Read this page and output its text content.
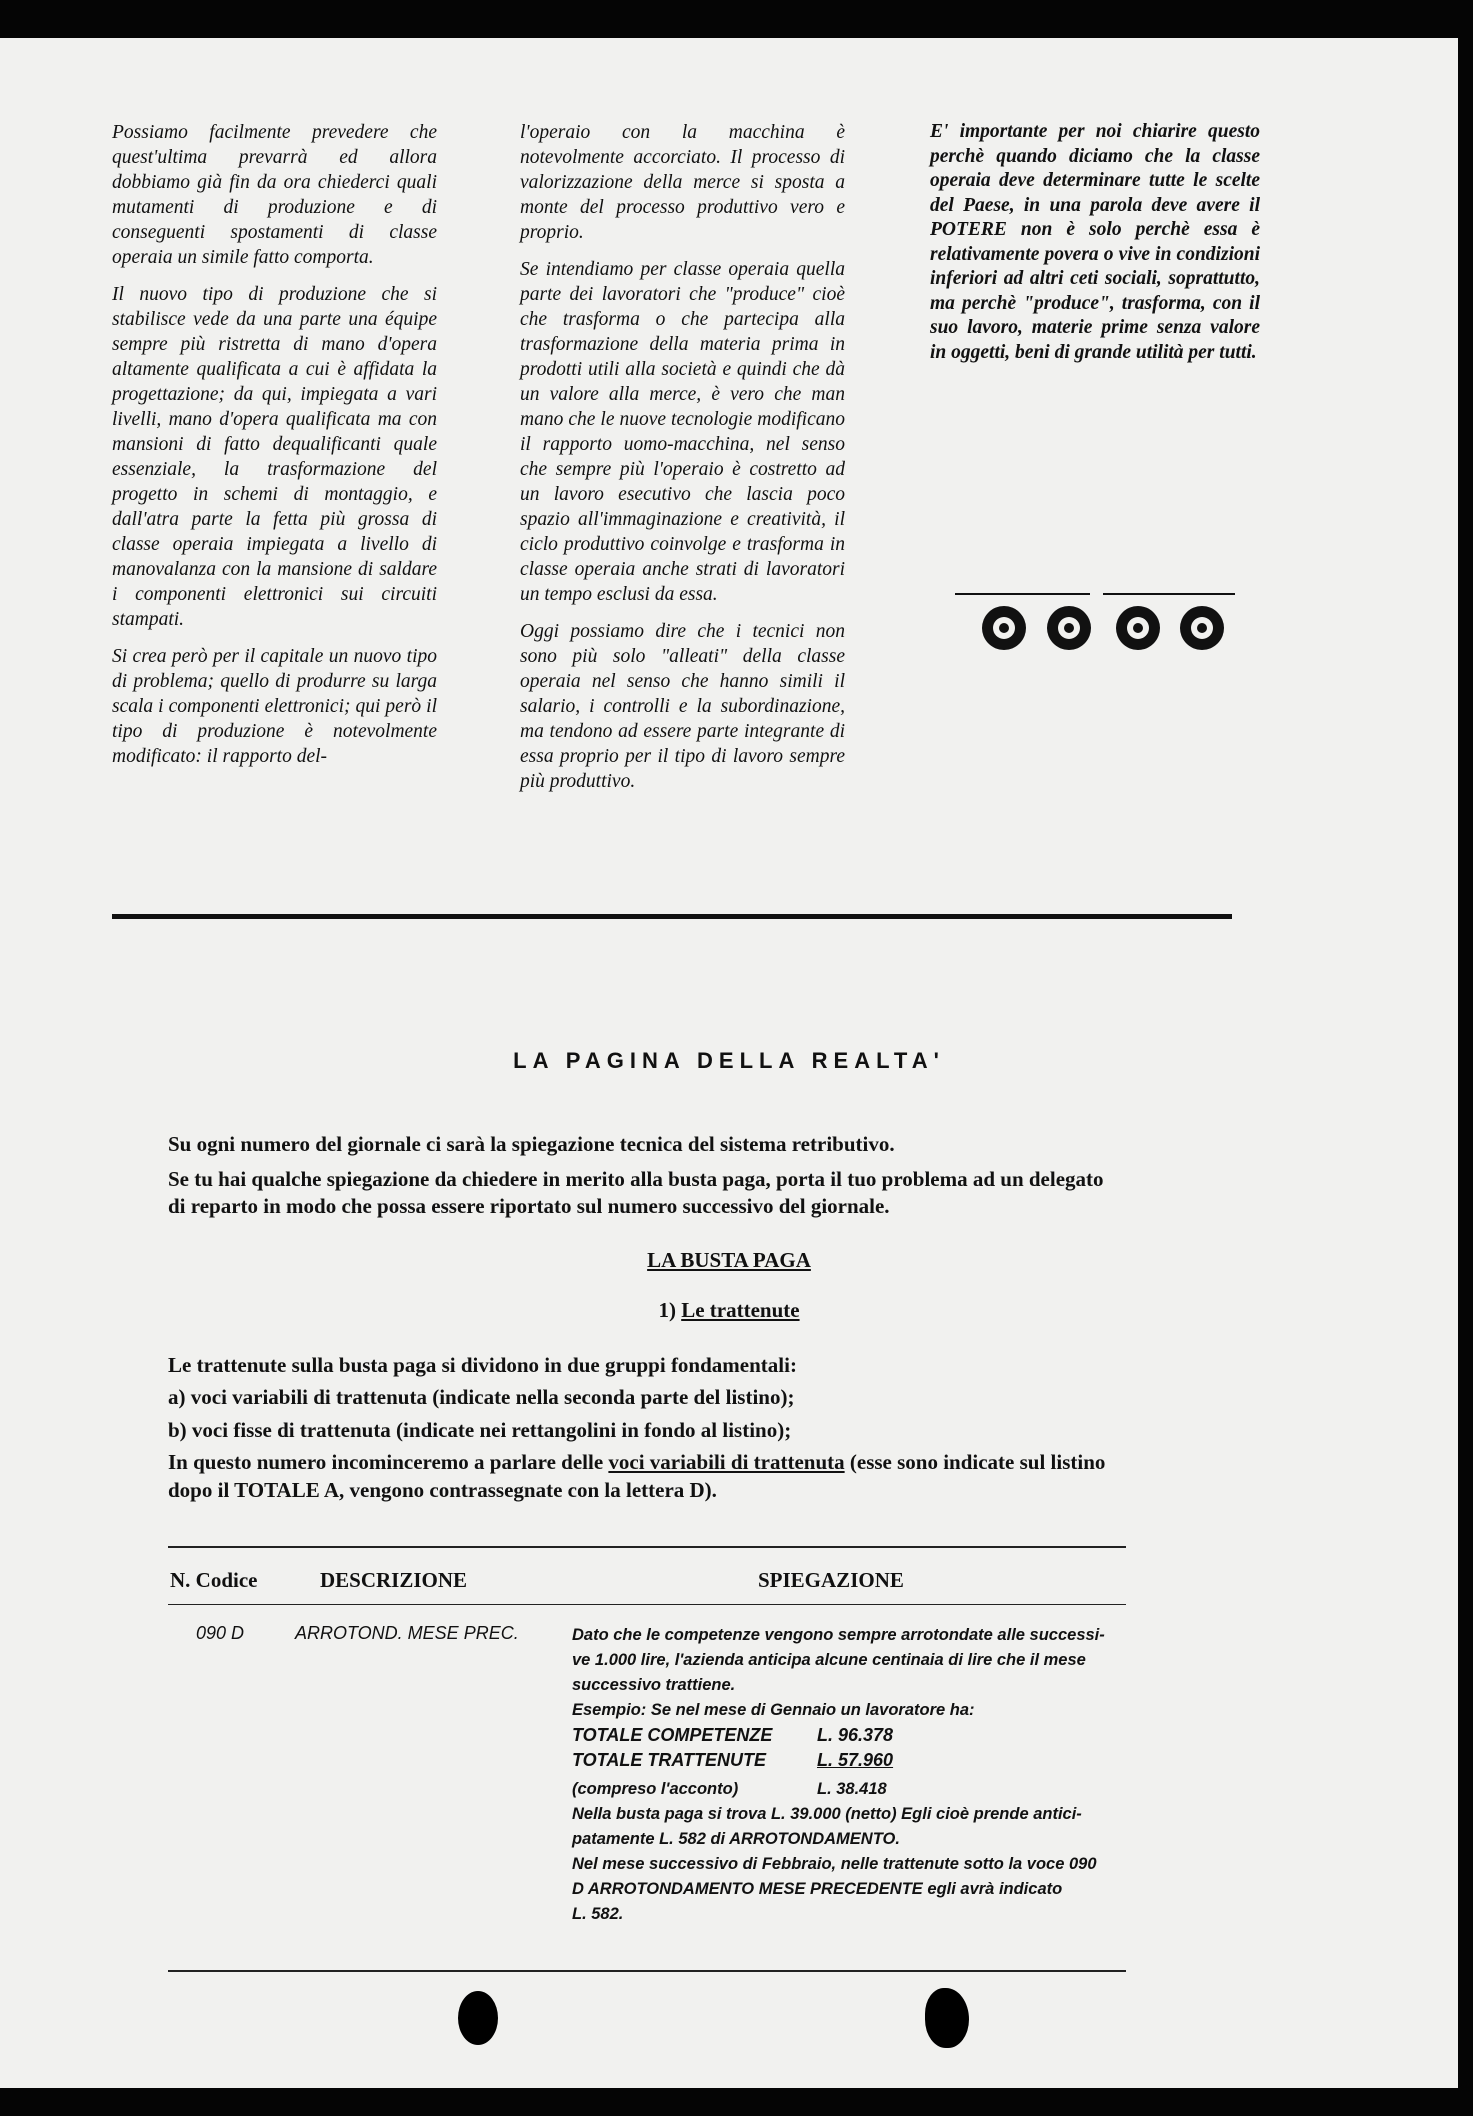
Possiamo facilmente prevedere che quest'ultima prevarrà ed allora dobbiamo già fin da ora chiederci quali mutamenti di produzione e di conseguenti spostamenti di classe operaia un simile fatto comporta.

Il nuovo tipo di produzione che si stabilisce vede da una parte una équipe sempre più ristretta di mano d'opera altamente qualificata a cui è affidata la progettazione; da qui, impiegata a vari livelli, mano d'opera qualificata ma con mansioni di fatto dequalificanti quale essenziale, la trasformazione del progetto in schemi di montaggio, e dall'atra parte la fetta più grossa di classe operaia impiegata a livello di manovalanza con la mansione di saldare i componenti elettronici sui circuiti stampati.

Si crea però per il capitale un nuovo tipo di problema; quello di produrre su larga scala i componenti elettronici; qui però il tipo di produzione è notevolmente modificato: il rapporto del-

l'operaio con la macchina è notevolmente accorciato. Il processo di valorizzazione della merce si sposta a monte del processo produttivo vero e proprio.

Se intendiamo per classe operaia quella parte dei lavoratori che "produce" cioè che trasforma o che partecipa alla trasformazione della materia prima in prodotti utili alla società e quindi che dà un valore alla merce, è vero che man mano che le nuove tecnologie modificano il rapporto uomo-macchina, nel senso che sempre più l'operaio è costretto ad un lavoro esecutivo che lascia poco spazio all'immaginazione e creatività, il ciclo produttivo coinvolge e trasforma in classe operaia anche strati di lavoratori un tempo esclusi da essa.

Oggi possiamo dire che i tecnici non sono più solo "alleati" della classe operaia nel senso che hanno simili il salario, i controlli e la subordinazione, ma tendono ad essere parte integrante di essa proprio per il tipo di lavoro sempre più produttivo.

E' importante per noi chiarire questo perchè quando diciamo che la classe operaia deve determinare tutte le scelte del Paese, in una parola deve avere il POTERE non è solo perchè essa è relativamente povera o vive in condizioni inferiori ad altri ceti sociali, soprattutto, ma perchè "produce", trasforma, con il suo lavoro, materie prime senza valore in oggetti, beni di grande utilità per tutti.

LA PAGINA DELLA REALTA'
Su ogni numero del giornale ci sarà la spiegazione tecnica del sistema retributivo.
Se tu hai qualche spiegazione da chiedere in merito alla busta paga, porta il tuo problema ad un delegato di reparto in modo che possa essere riportato sul numero successivo del giornale.
LA BUSTA PAGA
1) Le trattenute
Le trattenute sulla busta paga si dividono in due gruppi fondamentali:
a) voci variabili di trattenuta (indicate nella seconda parte del listino);
b) voci fisse di trattenuta (indicate nei rettangolini in fondo al listino);
In questo numero incominceremo a parlare delle voci variabili di trattenuta (esse sono indicate sul listino dopo il TOTALE A, vengono contrassegnate con la lettera D).
N. Codice	DESCRIZIONE	SPIEGAZIONE
090 D	ARROTOND. MESE PREC.	Dato che le competenze vengono sempre arrotondate alle successi-
ve 1.000 lire, l'azienda anticipa alcune centinaia di lire che il mese
successivo trattiene.
Esempio: Se nel mese di Gennaio un lavoratore ha:
TOTALE COMPETENZE	L. 96.378
TOTALE TRATTENUTE	L. 57.960
(compreso l'acconto)	L. 38.418
Nella busta paga si trova L. 39.000 (netto) Egli cioè prende antici-
patamente L. 582 di ARROTONDAMENTO.
Nel mese successivo di Febbraio, nelle trattenute sotto la voce 090
D ARROTONDAMENTO MESE PRECEDENTE egli avrà indicato
L. 582.
